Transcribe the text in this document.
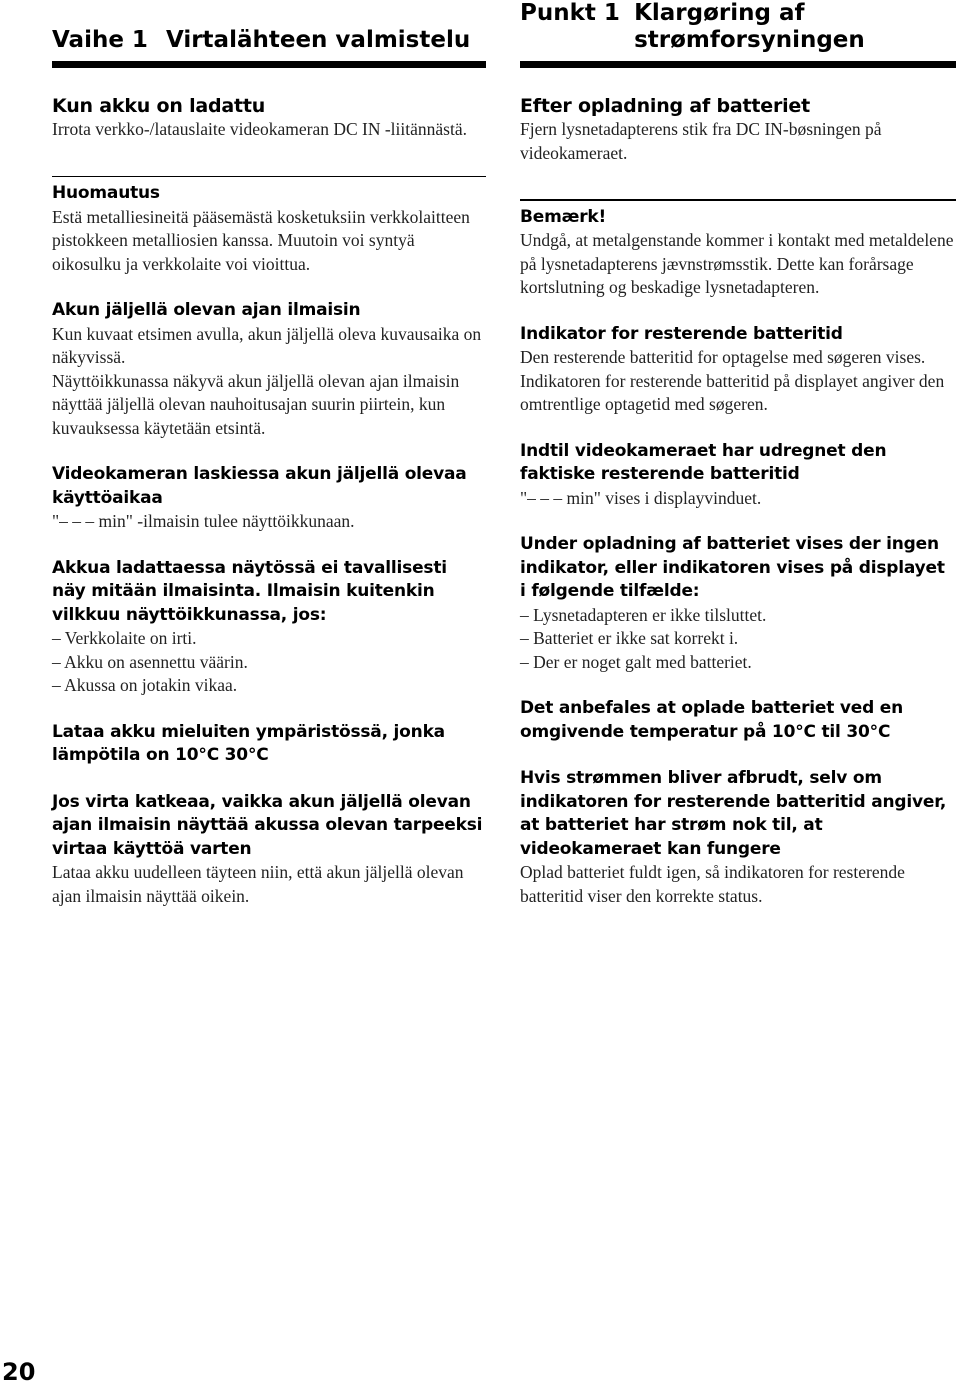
Vaihe 1 Virtalähteen valmistelu

Kun akku on ladattu

Irrota verkko-/latauslaite videokameran DC IN -liitännästä.

Huomautus

Estä metalliesineitä pääsemästä kosketuksiin verkkolaitteen pistokkeen metalliosien kanssa. Muutoin voi syntyä oikosulku ja verkkolaite voi vioittua.

Akun jäljellä olevan ajan ilmaisin

Kun kuvaat etsimen avulla, akun jäljellä oleva kuvausaika on näkyvissä.

Näyttöikkunassa näkyvä akun jäljellä olevan ajan ilmaisin näyttää jäljellä olevan nauhoitusajan suurin piirtein, kun kuvauksessa käytetään etsintä.

Videokameran laskiessa akun jäljellä olevaa käyttöaikaa

"– – – min" -ilmaisin tulee näyttöikkunaan.

Akkua ladattaessa näytössä ei tavallisesti näy mitään ilmaisinta. Ilmaisin kuitenkin vilkkuu näyttöikkunassa, jos:

– Verkkolaite on irti.

– Akku on asennettu väärin.

– Akussa on jotakin vikaa.

Lataa akku mieluiten ympäristössä, jonka lämpötila on 10°C 30°C

Jos virta katkeaa, vaikka akun jäljellä olevan ajan ilmaisin näyttää akussa olevan tarpeeksi virtaa käyttöä varten

Lataa akku uudelleen täyteen niin, että akun jäljellä olevan ajan ilmaisin näyttää oikein.

Punkt 1 Klargøring af strømforsyningen

Efter opladning af batteriet

Fjern lysnetadapterens stik fra DC IN-bøsningen på videokameraet.

Bemærk!

Undgå, at metalgenstande kommer i kontakt med metaldelene på lysnetadapterens jævnstrømsstik. Dette kan forårsage kortslutning og beskadige lysnetadapteren.

Indikator for resterende batteritid

Den resterende batteritid for optagelse med søgeren vises.

Indikatoren for resterende batteritid på displayet angiver den omtrentlige optagetid med søgeren.

Indtil videokameraet har udregnet den faktiske resterende batteritid

"– – – min" vises i displayvinduet.

Under opladning af batteriet vises der ingen indikator, eller indikatoren vises på displayet i følgende tilfælde:

– Lysnetadapteren er ikke tilsluttet.

– Batteriet er ikke sat korrekt i.

– Der er noget galt med batteriet.

Det anbefales at oplade batteriet ved en omgivende temperatur på 10°C til 30°C

Hvis strømmen bliver afbrudt, selv om indikatoren for resterende batteritid angiver, at batteriet har strøm nok til, at videokameraet kan fungere

Oplad batteriet fuldt igen, så indikatoren for resterende batteritid viser den korrekte status.

20
